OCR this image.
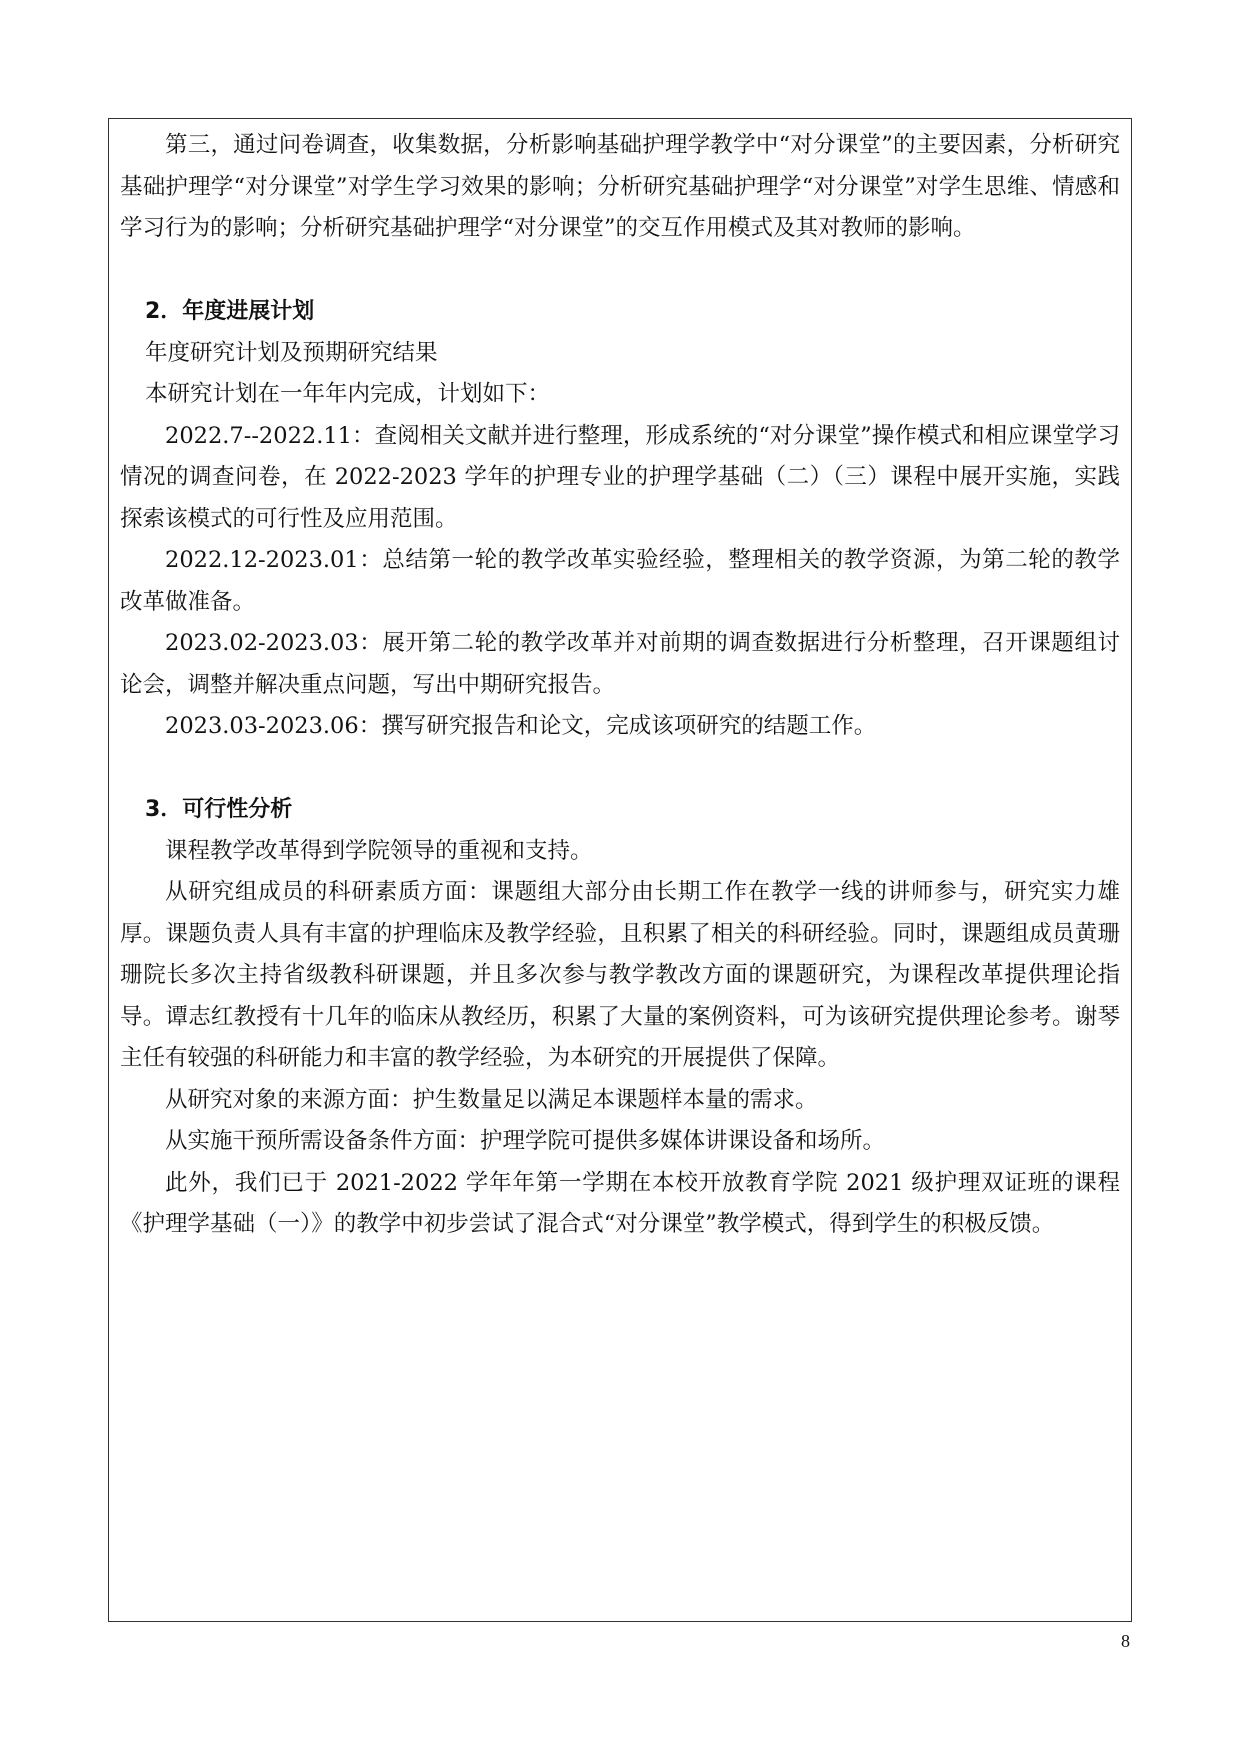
第三，通过问卷调查，收集数据，分析影响基础护理学教学中“对分课堂”的主要因素，分析研究基础护理学“对分课堂”对学生学习效果的影响；分析研究基础护理学“对分课堂”对学生思维、情感和学习行为的影响；分析研究基础护理学“对分课堂”的交互作用模式及其对教师的影响。

2．年度进展计划

年度研究计划及预期研究结果

本研究计划在一年年内完成，计划如下：

2022.7--2022.11：查阅相关文献并进行整理，形成系统的“对分课堂”操作模式和相应课堂学习情况的调查问卷，在 2022-2023 学年的护理专业的护理学基础（二）（三）课程中展开实施，实践探索该模式的可行性及应用范围。

2022.12-2023.01：总结第一轮的教学改革实验经验，整理相关的教学资源，为第二轮的教学改革做准备。

2023.02-2023.03：展开第二轮的教学改革并对前期的调查数据进行分析整理，召开课题组讨论会，调整并解决重点问题，写出中期研究报告。

2023.03-2023.06：撰写研究报告和论文，完成该项研究的结题工作。

3．可行性分析

课程教学改革得到学院领导的重视和支持。

从研究组成员的科研素质方面：课题组大部分由长期工作在教学一线的讲师参与，研究实力雄厚。课题负责人具有丰富的护理临床及教学经验，且积累了相关的科研经验。同时，课题组成员黄珊珊院长多次主持省级教科研课题，并且多次参与教学教改方面的课题研究，为课程改革提供理论指导。谭志红教授有十几年的临床从教经历，积累了大量的案例资料，可为该研究提供理论参考。谢琴主任有较强的科研能力和丰富的教学经验，为本研究的开展提供了保障。

从研究对象的来源方面：护生数量足以满足本课题样本量的需求。

从实施干预所需设备条件方面：护理学院可提供多媒体讲课设备和场所。

此外，我们已于 2021-2022 学年年第一学期在本校开放教育学院 2021 级护理双证班的课程《护理学基础（一）》的教学中初步尝试了混合式“对分课堂”教学模式，得到学生的积极反馈。

8
